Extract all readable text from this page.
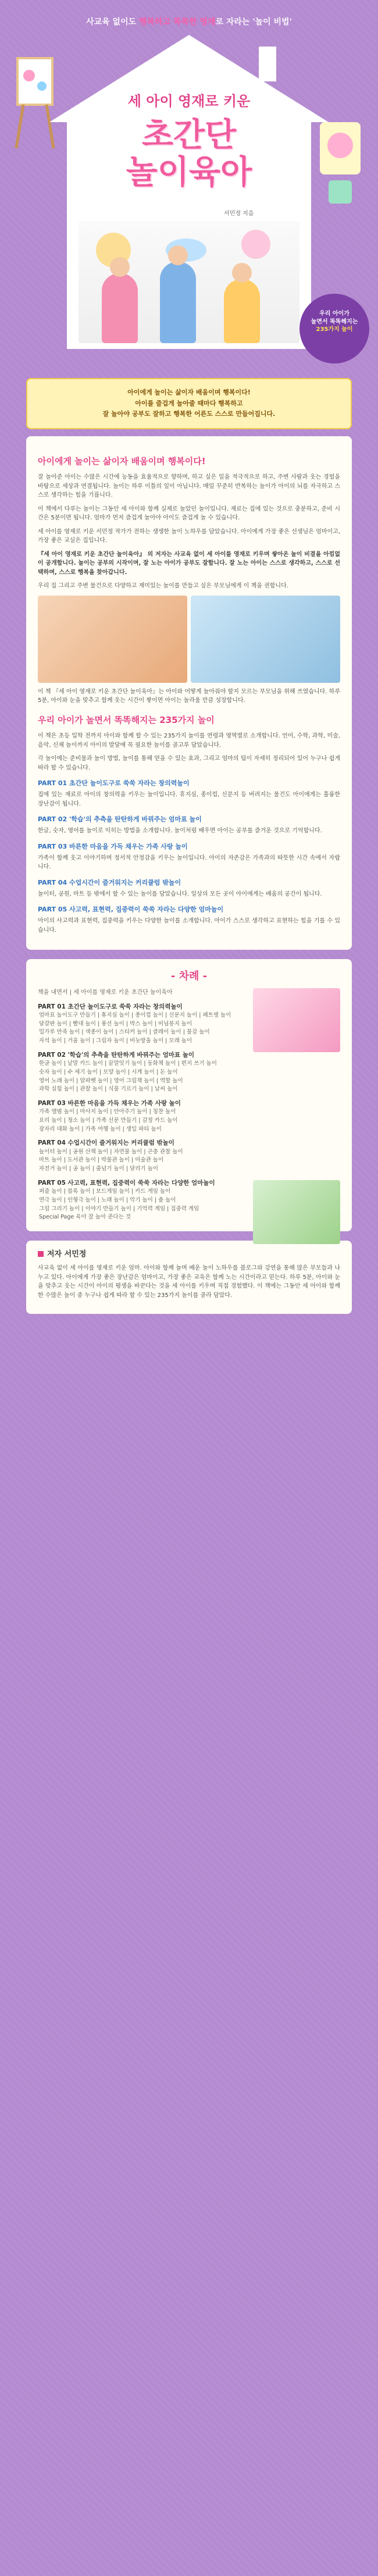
사교육 없이도 행복하고 똑똑한 영재로 자라는 '놀이 비법'
세 아이 영재로 키운
초간단
놀이육아
서민정 지음
우리 아이가
놀면서 똑똑해지는
235가지 놀이
아이에게 놀이는 삶이자 배움이며 행복이다!
아이를 즐겁게 놀아줄 때마다 행복하고
잘 놀아야 공부도 잘하고 행복한 어른도 스스로 만들어집니다.
아이에게 놀이는 삶이자 배움이며 행복이다!

잘 놀아준 아이는 수많은 시간에 능동을 효율적으로 향하며, 하고 싶은 일을 적극적으로 하고, 주변 사람과 웃는 경험을 바탕으로 세상과 연결됩니다. 놀이는 하루 이틀의 일이 아닙니다. 매일 꾸준히 반복하는 놀이가 아이의 뇌를 자극하고 스스로 생각하는 힘을 기릅니다.

이 책에서 다루는 놀이는 그동안 세 아이와 함께 실제로 놀았던 놀이입니다. 재료는 집에 있는 것으로 충분하고, 준비 시간은 5분이면 됩니다. 엄마가 먼저 즐겁게 놀아야 아이도 즐겁게 놀 수 있습니다.

세 아이를 영재로 키운 서민정 작가가 전하는 생생한 놀이 노하우를 담았습니다. 아이에게 가장 좋은 선생님은 엄마이고, 가장 좋은 교실은 집입니다.

『세 아이 영재로 키운 초간단 놀이육아』 의 저자는 사교육 없이 세 아이를 영재로 키우며 쌓아온 놀이 비결을 아낌없이 공개합니다. 놀이는 공부의 시작이며, 잘 노는 아이가 공부도 잘합니다. 잘 노는 아이는 스스로 생각하고, 스스로 선택하며, 스스로 행복을 찾아갑니다.

우리 집 그리고 주변 물건으로 다양하고 재미있는 놀이를 만들고 싶은 부모님에게 이 책을 권합니다.

이 책 『세 아이 영재로 키운 초간단 놀이육아』는 아이와 어떻게 놀아줘야 할지 모르는 부모님을 위해 쓰였습니다. 하루 5분, 아이와 눈을 맞추고 함께 웃는 시간이 쌓이면 아이는 놀라울 만큼 성장합니다.

우리 아이가 놀면서 똑똑해지는 235가지 놀이

이 책은 초등 입학 전까지 아이와 함께 할 수 있는 235가지 놀이를 연령과 영역별로 소개합니다. 언어, 수학, 과학, 미술, 음악, 신체 놀이까지 아이의 발달에 꼭 필요한 놀이를 골고루 담았습니다.

각 놀이에는 준비물과 놀이 방법, 놀이를 통해 얻을 수 있는 효과, 그리고 엄마의 팁이 자세히 정리되어 있어 누구나 쉽게 따라 할 수 있습니다.

PART 01 초간단 놀이도구로 쑥쑥 자라는 창의력놀이

집에 있는 재료로 아이의 창의력을 키우는 놀이입니다. 휴지심, 종이컵, 신문지 등 버려지는 물건도 아이에게는 훌륭한 장난감이 됩니다.

PART 02 '학습'의 추측을 탄탄하게 바꿔주는 엄마표 놀이

한글, 숫자, 영어를 놀이로 익히는 방법을 소개합니다. 놀이처럼 배우면 아이는 공부를 즐거운 것으로 기억합니다.

PART 03 바른한 마음을 가득 채우는 가족 사랑 놀이

가족이 함께 웃고 이야기하며 정서적 안정감을 키우는 놀이입니다. 아이의 자존감은 가족과의 따뜻한 시간 속에서 자랍니다.

PART 04 수업시간이 즐거워지는 커리큘럼 밖놀이

놀이터, 공원, 마트 등 밖에서 할 수 있는 놀이를 담았습니다. 일상의 모든 곳이 아이에게는 배움의 공간이 됩니다.

PART 05 사고력, 표현력, 집중력이 쑥쑥 자라는 다양한 엄마놀이

아이의 사고력과 표현력, 집중력을 키우는 다양한 놀이를 소개합니다. 아이가 스스로 생각하고 표현하는 힘을 기를 수 있습니다.

- 차례 -
책을 내면서 | 세 아이를 영재로 키운 초간단 놀이육아
PART 01 초간단 놀이도구로 쑥쑥 자라는 창의력놀이
엄마표 놀이도구 만들기 | 휴지심 놀이 | 종이컵 놀이 | 신문지 놀이 | 페트병 놀이
달걀판 놀이 | 빨대 놀이 | 풍선 놀이 | 박스 놀이 | 비닐봉지 놀이
밀가루 반죽 놀이 | 색종이 놀이 | 스티커 놀이 | 클레이 놀이 | 물감 놀이
자석 놀이 | 거울 놀이 | 그림자 놀이 | 비눗방울 놀이 | 모래 놀이
PART 02 '학습'의 추측을 탄탄하게 바꿔주는 엄마표 놀이
한글 놀이 | 낱말 카드 놀이 | 끝말잇기 놀이 | 동화책 놀이 | 편지 쓰기 놀이
숫자 놀이 | 수 세기 놀이 | 모양 놀이 | 시계 놀이 | 돈 놀이
영어 노래 놀이 | 알파벳 놀이 | 영어 그림책 놀이 | 역할 놀이
과학 실험 놀이 | 관찰 놀이 | 식물 기르기 놀이 | 날씨 놀이
PART 03 바른한 마음을 가득 채우는 가족 사랑 놀이
가족 앨범 놀이 | 마사지 놀이 | 안아주기 놀이 | 칭찬 놀이
요리 놀이 | 청소 놀이 | 가족 신문 만들기 | 감정 카드 놀이
잠자리 대화 놀이 | 가족 여행 놀이 | 생일 파티 놀이
PART 04 수업시간이 즐거워지는 커리큘럼 밖놀이
놀이터 놀이 | 공원 산책 놀이 | 자연물 놀이 | 곤충 관찰 놀이
마트 놀이 | 도서관 놀이 | 박물관 놀이 | 미술관 놀이
자전거 놀이 | 공 놀이 | 줄넘기 놀이 | 달리기 놀이
PART 05 사고력, 표현력, 집중력이 쑥쑥 자라는 다양한 엄마놀이
퍼즐 놀이 | 블록 놀이 | 보드게임 놀이 | 카드 게임 놀이
연극 놀이 | 인형극 놀이 | 노래 놀이 | 악기 놀이 | 춤 놀이
그림 그리기 놀이 | 이야기 만들기 놀이 | 기억력 게임 | 집중력 게임
Special Page 육아 잘 놀아 준다는 것
저자 서민정

사교육 없이 세 아이를 영재로 키운 엄마. 아이와 함께 놀며 배운 놀이 노하우를 블로그와 강연을 통해 많은 부모들과 나누고 있다. 아이에게 가장 좋은 장난감은 엄마이고, 가장 좋은 교육은 함께 노는 시간이라고 믿는다. 하루 5분, 아이와 눈을 맞추고 웃는 시간이 아이의 평생을 바꾼다는 것을 세 아이를 키우며 직접 경험했다. 이 책에는 그동안 세 아이와 함께한 수많은 놀이 중 누구나 쉽게 따라 할 수 있는 235가지 놀이를 골라 담았다.
